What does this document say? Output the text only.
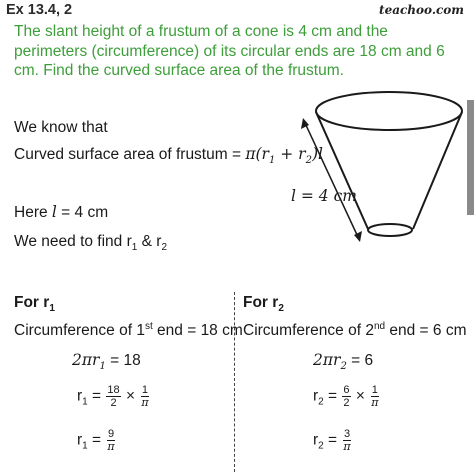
Ex 13.4, 2	teachoo.com
The slant height of a frustum of a cone is 4 cm and the perimeters (circumference) of its circular ends are 18 cm and 6 cm. Find the curved surface area of the frustum.
l = 4 cm
We know that
Curved surface area of frustum = $\pi(r_1 + r_2)l$
Here l = 4 cm
We need to find $r_1$ & $r_2$
For $r_1$
Circumference of 1st end = 18 cm
$2\pi r_1 = 18$
$r_1 = \frac{18}{2} \times \frac{1}{\pi}$
$r_1 = \frac{9}{\pi}$
For $r_2$
Circumference of 2nd end = 6 cm
$2\pi r_2 = 6$
$r_2 = \frac{6}{2} \times \frac{1}{\pi}$
$r_2 = \frac{3}{\pi}$
